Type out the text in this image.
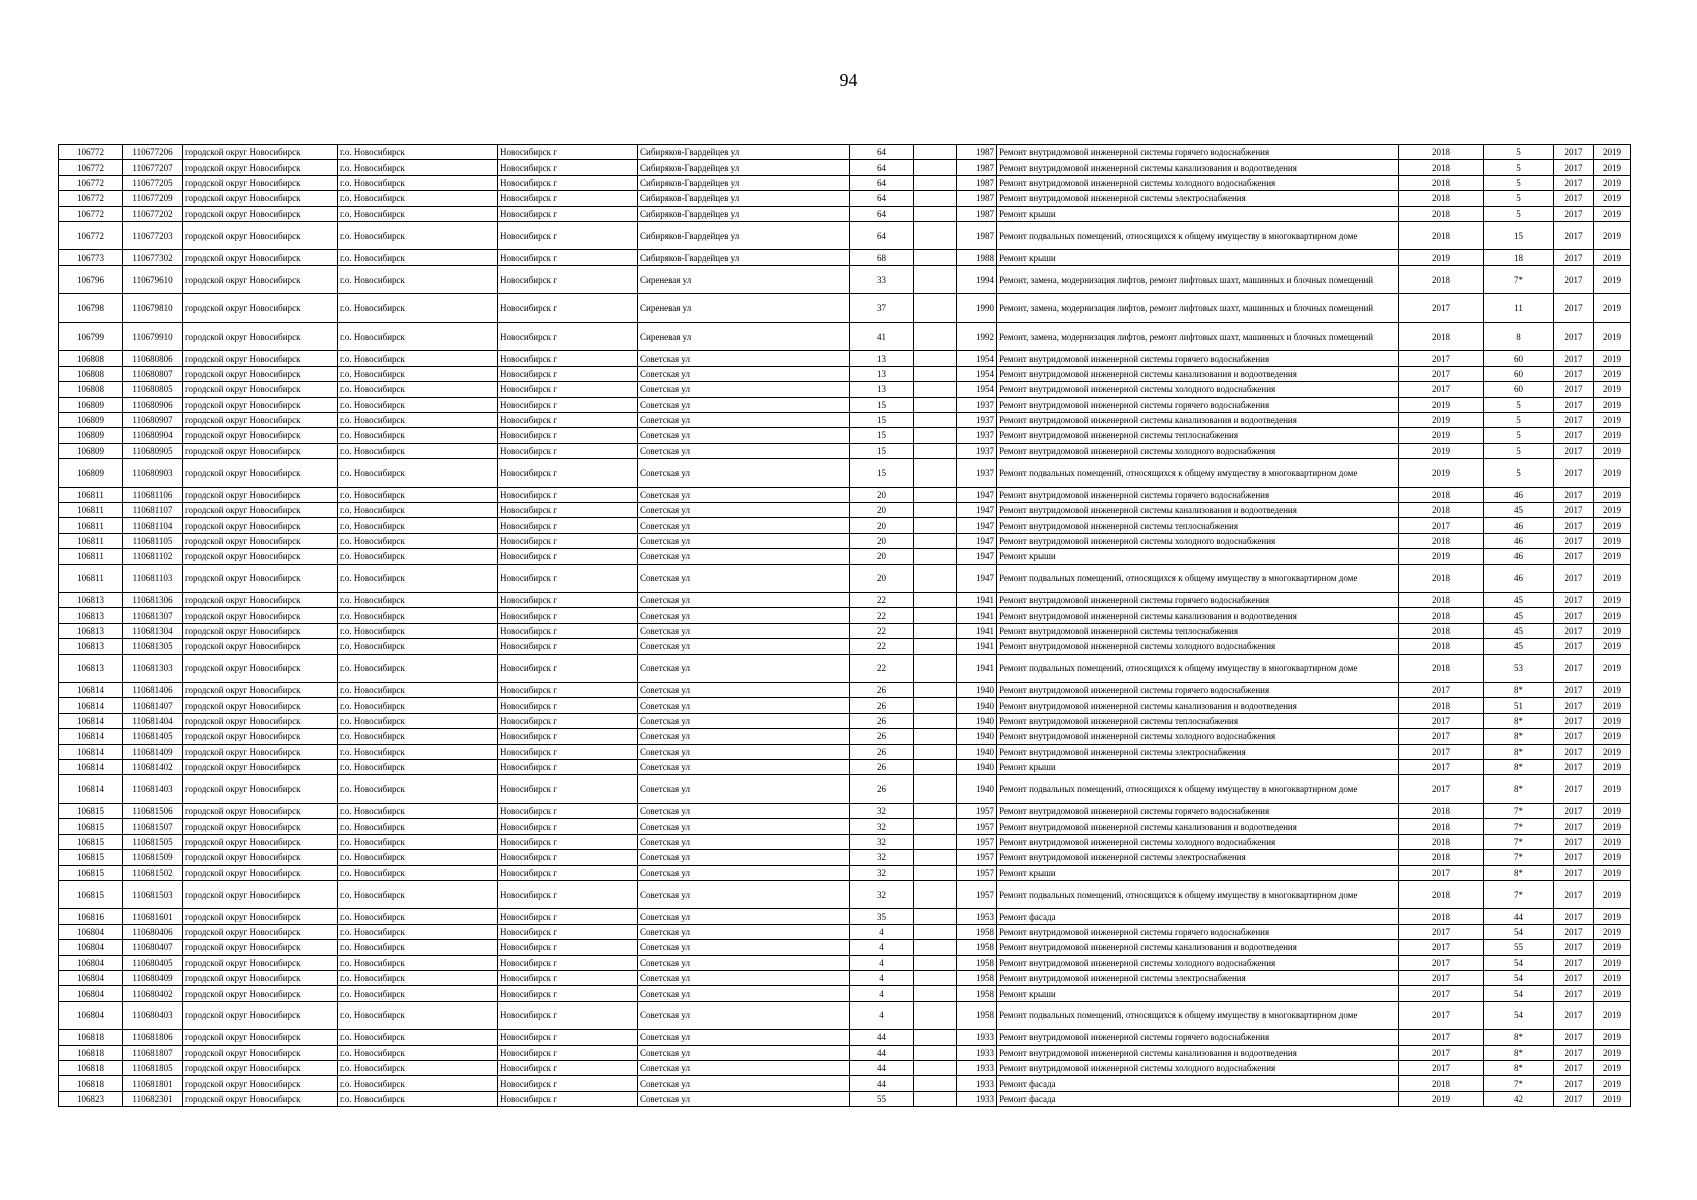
94
106772	110677206	городской округ Новосибирск	г.о. Новосибирск	Новосибирск г	Сибиряков-Гвардейцев ул	64		1987	Ремонт внутридомовой инженерной системы горячего водоснабжения	2018	5	2017	2019
106772	110677207	городской округ Новосибирск	г.о. Новосибирск	Новосибирск г	Сибиряков-Гвардейцев ул	64		1987	Ремонт внутридомовой инженерной системы канализования и водоотведения	2018	5	2017	2019
106772	110677205	городской округ Новосибирск	г.о. Новосибирск	Новосибирск г	Сибиряков-Гвардейцев ул	64		1987	Ремонт внутридомовой инженерной системы холодного водоснабжения	2018	5	2017	2019
106772	110677209	городской округ Новосибирск	г.о. Новосибирск	Новосибирск г	Сибиряков-Гвардейцев ул	64		1987	Ремонт внутридомовой инженерной системы электроснабжения	2018	5	2017	2019
106772	110677202	городской округ Новосибирск	г.о. Новосибирск	Новосибирск г	Сибиряков-Гвардейцев ул	64		1987	Ремонт крыши	2018	5	2017	2019
106772	110677203	городской округ Новосибирск	г.о. Новосибирск	Новосибирск г	Сибиряков-Гвардейцев ул	64		1987	Ремонт подвальных помещений, относящихся к общему имуществу в многоквартирном доме	2018	15	2017	2019
106773	110677302	городской округ Новосибирск	г.о. Новосибирск	Новосибирск г	Сибиряков-Гвардейцев ул	68		1988	Ремонт крыши	2019	18	2017	2019
106796	110679610	городской округ Новосибирск	г.о. Новосибирск	Новосибирск г	Сиреневая ул	33		1994	Ремонт, замена, модернизация лифтов, ремонт лифтовых шахт, машинных и блочных помещений	2018	7*	2017	2019
106798	110679810	городской округ Новосибирск	г.о. Новосибирск	Новосибирск г	Сиреневая ул	37		1990	Ремонт, замена, модернизация лифтов, ремонт лифтовых шахт, машинных и блочных помещений	2017	11	2017	2019
106799	110679910	городской округ Новосибирск	г.о. Новосибирск	Новосибирск г	Сиреневая ул	41		1992	Ремонт, замена, модернизация лифтов, ремонт лифтовых шахт, машинных и блочных помещений	2018	8	2017	2019
106808	110680806	городской округ Новосибирск	г.о. Новосибирск	Новосибирск г	Советская ул	13		1954	Ремонт внутридомовой инженерной системы горячего водоснабжения	2017	60	2017	2019
106808	110680807	городской округ Новосибирск	г.о. Новосибирск	Новосибирск г	Советская ул	13		1954	Ремонт внутридомовой инженерной системы канализования и водоотведения	2017	60	2017	2019
106808	110680805	городской округ Новосибирск	г.о. Новосибирск	Новосибирск г	Советская ул	13		1954	Ремонт внутридомовой инженерной системы холодного водоснабжения	2017	60	2017	2019
106809	110680906	городской округ Новосибирск	г.о. Новосибирск	Новосибирск г	Советская ул	15		1937	Ремонт внутридомовой инженерной системы горячего водоснабжения	2019	5	2017	2019
106809	110680907	городской округ Новосибирск	г.о. Новосибирск	Новосибирск г	Советская ул	15		1937	Ремонт внутридомовой инженерной системы канализования и водоотведения	2019	5	2017	2019
106809	110680904	городской округ Новосибирск	г.о. Новосибирск	Новосибирск г	Советская ул	15		1937	Ремонт внутридомовой инженерной системы теплоснабжения	2019	5	2017	2019
106809	110680905	городской округ Новосибирск	г.о. Новосибирск	Новосибирск г	Советская ул	15		1937	Ремонт внутридомовой инженерной системы холодного водоснабжения	2019	5	2017	2019
106809	110680903	городской округ Новосибирск	г.о. Новосибирск	Новосибирск г	Советская ул	15		1937	Ремонт подвальных помещений, относящихся к общему имуществу в многоквартирном доме	2019	5	2017	2019
106811	110681106	городской округ Новосибирск	г.о. Новосибирск	Новосибирск г	Советская ул	20		1947	Ремонт внутридомовой инженерной системы горячего водоснабжения	2018	46	2017	2019
106811	110681107	городской округ Новосибирск	г.о. Новосибирск	Новосибирск г	Советская ул	20		1947	Ремонт внутридомовой инженерной системы канализования и водоотведения	2018	45	2017	2019
106811	110681104	городской округ Новосибирск	г.о. Новосибирск	Новосибирск г	Советская ул	20		1947	Ремонт внутридомовой инженерной системы теплоснабжения	2017	46	2017	2019
106811	110681105	городской округ Новосибирск	г.о. Новосибирск	Новосибирск г	Советская ул	20		1947	Ремонт внутридомовой инженерной системы холодного водоснабжения	2018	46	2017	2019
106811	110681102	городской округ Новосибирск	г.о. Новосибирск	Новосибирск г	Советская ул	20		1947	Ремонт крыши	2019	46	2017	2019
106811	110681103	городской округ Новосибирск	г.о. Новосибирск	Новосибирск г	Советская ул	20		1947	Ремонт подвальных помещений, относящихся к общему имуществу в многоквартирном доме	2018	46	2017	2019
106813	110681306	городской округ Новосибирск	г.о. Новосибирск	Новосибирск г	Советская ул	22		1941	Ремонт внутридомовой инженерной системы горячего водоснабжения	2018	45	2017	2019
106813	110681307	городской округ Новосибирск	г.о. Новосибирск	Новосибирск г	Советская ул	22		1941	Ремонт внутридомовой инженерной системы канализования и водоотведения	2018	45	2017	2019
106813	110681304	городской округ Новосибирск	г.о. Новосибирск	Новосибирск г	Советская ул	22		1941	Ремонт внутридомовой инженерной системы теплоснабжения	2018	45	2017	2019
106813	110681305	городской округ Новосибирск	г.о. Новосибирск	Новосибирск г	Советская ул	22		1941	Ремонт внутридомовой инженерной системы холодного водоснабжения	2018	45	2017	2019
106813	110681303	городской округ Новосибирск	г.о. Новосибирск	Новосибирск г	Советская ул	22		1941	Ремонт подвальных помещений, относящихся к общему имуществу в многоквартирном доме	2018	53	2017	2019
106814	110681406	городской округ Новосибирск	г.о. Новосибирск	Новосибирск г	Советская ул	26		1940	Ремонт внутридомовой инженерной системы горячего водоснабжения	2017	8*	2017	2019
106814	110681407	городской округ Новосибирск	г.о. Новосибирск	Новосибирск г	Советская ул	26		1940	Ремонт внутридомовой инженерной системы канализования и водоотведения	2018	51	2017	2019
106814	110681404	городской округ Новосибирск	г.о. Новосибирск	Новосибирск г	Советская ул	26		1940	Ремонт внутридомовой инженерной системы теплоснабжения	2017	8*	2017	2019
106814	110681405	городской округ Новосибирск	г.о. Новосибирск	Новосибирск г	Советская ул	26		1940	Ремонт внутридомовой инженерной системы холодного водоснабжения	2017	8*	2017	2019
106814	110681409	городской округ Новосибирск	г.о. Новосибирск	Новосибирск г	Советская ул	26		1940	Ремонт внутридомовой инженерной системы электроснабжения	2017	8*	2017	2019
106814	110681402	городской округ Новосибирск	г.о. Новосибирск	Новосибирск г	Советская ул	26		1940	Ремонт крыши	2017	8*	2017	2019
106814	110681403	городской округ Новосибирск	г.о. Новосибирск	Новосибирск г	Советская ул	26		1940	Ремонт подвальных помещений, относящихся к общему имуществу в многоквартирном доме	2017	8*	2017	2019
106815	110681506	городской округ Новосибирск	г.о. Новосибирск	Новосибирск г	Советская ул	32		1957	Ремонт внутридомовой инженерной системы горячего водоснабжения	2018	7*	2017	2019
106815	110681507	городской округ Новосибирск	г.о. Новосибирск	Новосибирск г	Советская ул	32		1957	Ремонт внутридомовой инженерной системы канализования и водоотведения	2018	7*	2017	2019
106815	110681505	городской округ Новосибирск	г.о. Новосибирск	Новосибирск г	Советская ул	32		1957	Ремонт внутридомовой инженерной системы холодного водоснабжения	2018	7*	2017	2019
106815	110681509	городской округ Новосибирск	г.о. Новосибирск	Новосибирск г	Советская ул	32		1957	Ремонт внутридомовой инженерной системы электроснабжения	2018	7*	2017	2019
106815	110681502	городской округ Новосибирск	г.о. Новосибирск	Новосибирск г	Советская ул	32		1957	Ремонт крыши	2017	8*	2017	2019
106815	110681503	городской округ Новосибирск	г.о. Новосибирск	Новосибирск г	Советская ул	32		1957	Ремонт подвальных помещений, относящихся к общему имуществу в многоквартирном доме	2018	7*	2017	2019
106816	110681601	городской округ Новосибирск	г.о. Новосибирск	Новосибирск г	Советская ул	35		1953	Ремонт фасада	2018	44	2017	2019
106804	110680406	городской округ Новосибирск	г.о. Новосибирск	Новосибирск г	Советская ул	4		1958	Ремонт внутридомовой инженерной системы горячего водоснабжения	2017	54	2017	2019
106804	110680407	городской округ Новосибирск	г.о. Новосибирск	Новосибирск г	Советская ул	4		1958	Ремонт внутридомовой инженерной системы канализования и водоотведения	2017	55	2017	2019
106804	110680405	городской округ Новосибирск	г.о. Новосибирск	Новосибирск г	Советская ул	4		1958	Ремонт внутридомовой инженерной системы холодного водоснабжения	2017	54	2017	2019
106804	110680409	городской округ Новосибирск	г.о. Новосибирск	Новосибирск г	Советская ул	4		1958	Ремонт внутридомовой инженерной системы электроснабжения	2017	54	2017	2019
106804	110680402	городской округ Новосибирск	г.о. Новосибирск	Новосибирск г	Советская ул	4		1958	Ремонт крыши	2017	54	2017	2019
106804	110680403	городской округ Новосибирск	г.о. Новосибирск	Новосибирск г	Советская ул	4		1958	Ремонт подвальных помещений, относящихся к общему имуществу в многоквартирном доме	2017	54	2017	2019
106818	110681806	городской округ Новосибирск	г.о. Новосибирск	Новосибирск г	Советская ул	44		1933	Ремонт внутридомовой инженерной системы горячего водоснабжения	2017	8*	2017	2019
106818	110681807	городской округ Новосибирск	г.о. Новосибирск	Новосибирск г	Советская ул	44		1933	Ремонт внутридомовой инженерной системы канализования и водоотведения	2017	8*	2017	2019
106818	110681805	городской округ Новосибирск	г.о. Новосибирск	Новосибирск г	Советская ул	44		1933	Ремонт внутридомовой инженерной системы холодного водоснабжения	2017	8*	2017	2019
106818	110681801	городской округ Новосибирск	г.о. Новосибирск	Новосибирск г	Советская ул	44		1933	Ремонт фасада	2018	7*	2017	2019
106823	110682301	городской округ Новосибирск	г.о. Новосибирск	Новосибирск г	Советская ул	55		1933	Ремонт фасада	2019	42	2017	2019
